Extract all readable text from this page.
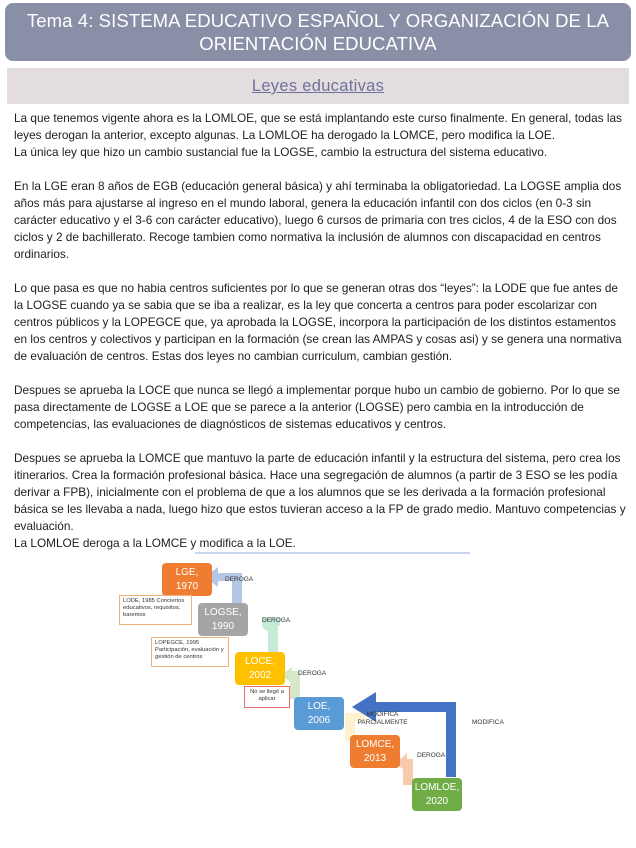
Tema 4: SISTEMA EDUCATIVO ESPAÑOL Y ORGANIZACIÓN DE LA
ORIENTACIÓN EDUCATIVA
Leyes educativas

La que tenemos vigente ahora es la LOMLOE, que se está implantando este curso finalmente. En general, todas las leyes derogan la anterior, excepto algunas. La LOMLOE ha derogado la LOMCE, pero modifica la LOE.

La única ley que hizo un cambio sustancial fue la LOGSE, cambio la estructura del sistema educativo.

En la LGE eran 8 años de EGB (educación general básica) y ahí terminaba la obligatoriedad. La LOGSE amplia dos años más para ajustarse al ingreso en el mundo laboral, genera la educación infantil con dos ciclos (en 0-3 sin carácter educativo y el 3-6 con carácter educativo), luego 6 cursos de primaria con tres ciclos, 4 de la ESO con dos ciclos y 2 de bachillerato. Recoge tambien como normativa la inclusión de alumnos con discapacidad en centros ordinarios.

Lo que pasa es que no habia centros suficientes por lo que se generan otras dos “leyes”: la LODE que fue antes de la LOGSE cuando ya se sabia que se iba a realizar, es la ley que concerta a centros para poder escolarizar con centros públicos y la LOPEGCE que, ya aprobada la LOGSE, incorpora la participación de los distintos estamentos en los centros y colectivos y participan en la formación (se crean las AMPAS y cosas asi) y se genera una normativa de evaluación de centros. Estas dos leyes no cambian curriculum, cambian gestión.

Despues se aprueba la LOCE que nunca se llegó a implementar porque hubo un cambio de gobierno. Por lo que se pasa directamente de LOGSE a LOE que se parece a la anterior (LOGSE) pero cambia en la introducción de competencias, las evaluaciones de diagnósticos de sistemas educativos y centros.

Despues se aprueba la LOMCE que mantuvo la parte de educación infantil y la estructura del sistema, pero crea los itinerarios. Crea la formación profesional básica. Hace una segregación de alumnos (a partir de 3 ESO se les podía derivar a FPB), inicialmente con el problema de que a los alumnos que se les derivada a la formación profesional básica se les llevaba a nada, luego hizo que estos tuvieran acceso a la FP de grado medio. Mantuvo competencias y evaluación.

La LOMLOE deroga a la LOMCE y modifica a la LOE.

LGE,
1970
LOGSE,
1990
LOCE,
2002
LOE,
2006
LOMCE,
2013
LOMLOE,
2020
LODE, 1985 Conciertos educativos, requisitos, baremos
LOPEGCE, 1995 Participación, evaluación y gestión de centros
No se llegó a aplicar
DEROGA
DEROGA
DEROGA
MODIFICA PARCIALMENTE
DEROGA
MODIFICA
